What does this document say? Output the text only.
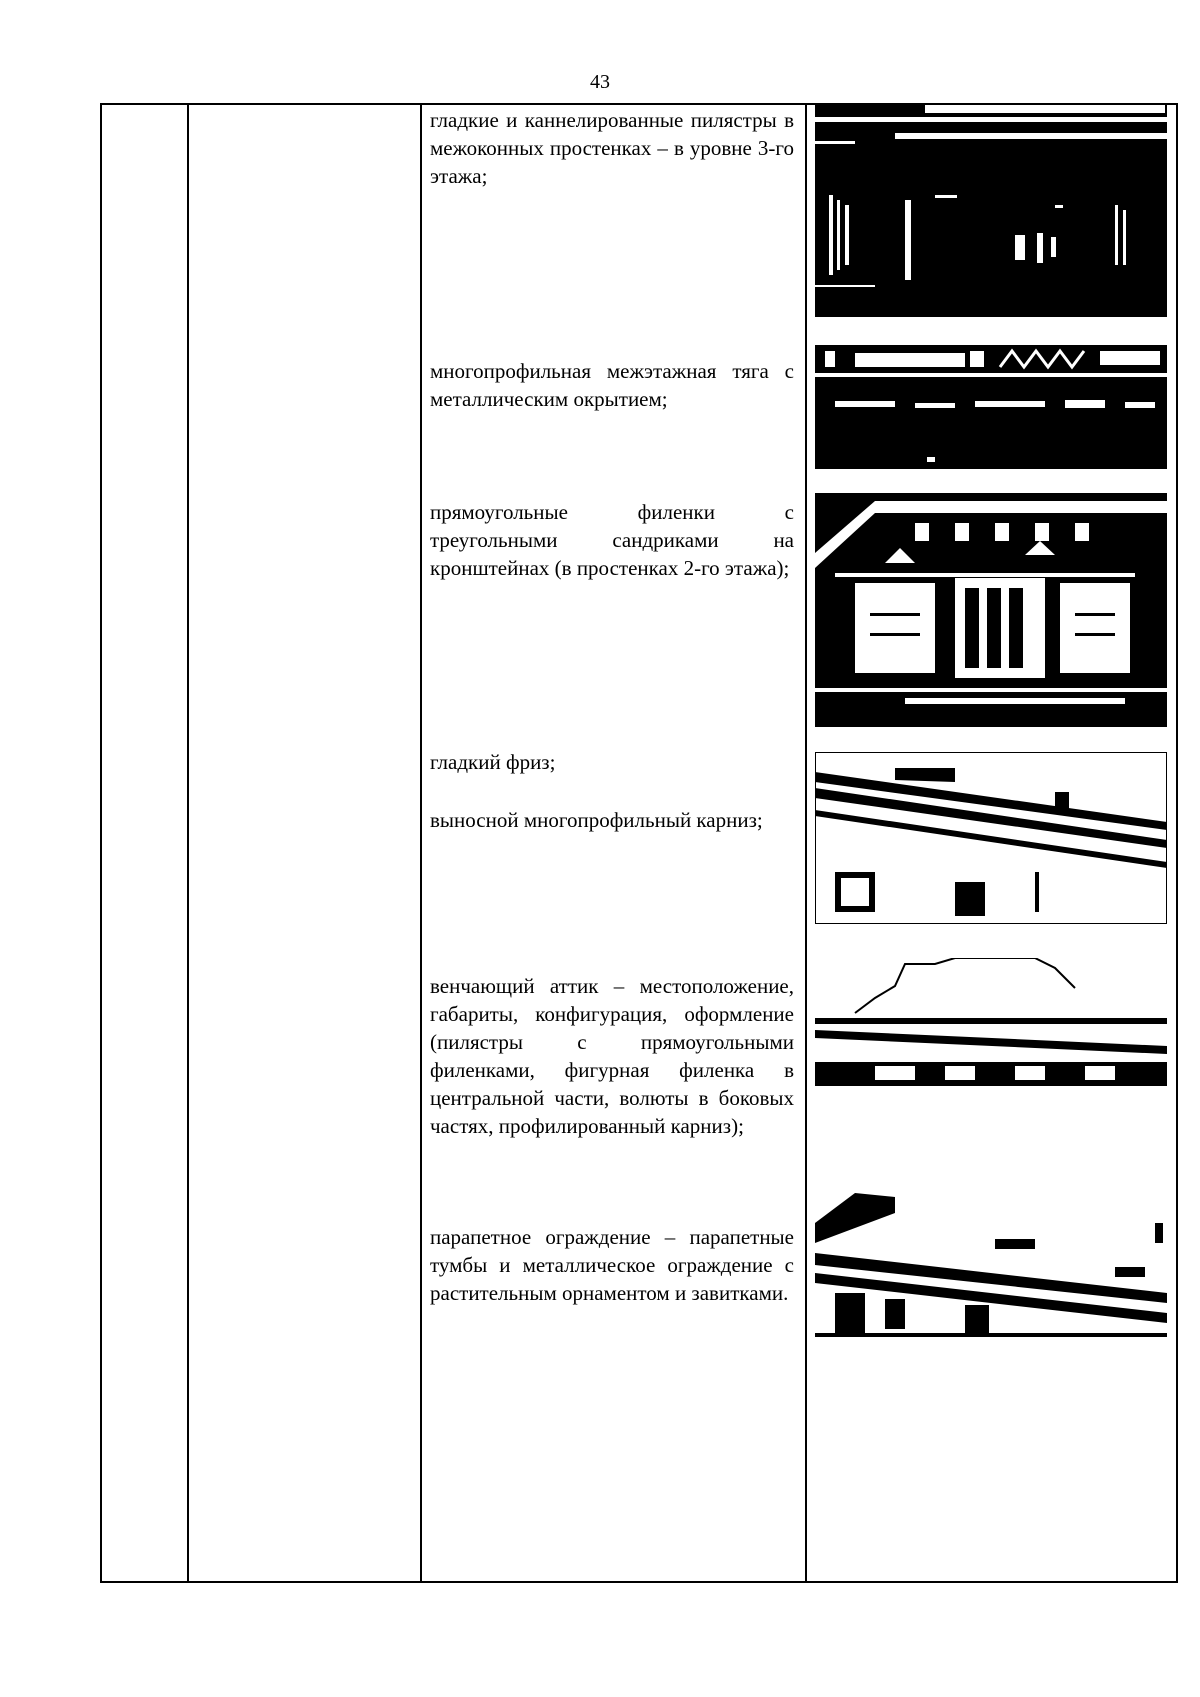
43
гладкие и каннелированные пилястры в межоконных простенках – в уровне 3-го этажа;
многопрофильная межэтажная тяга с металлическим окрытием;
прямоугольные филенки с треугольными сандриками на кронштейнах (в простенках 2-го этажа);
гладкий фриз;
выносной многопрофильный карниз;
венчающий аттик – местоположение, габариты, конфигурация, оформление (пилястры с прямоугольными филенками, фигурная филенка в центральной части, волюты в боковых частях, профилированный карниз);
парапетное ограждение – парапетные тумбы и металлическое ограждение с растительным орнаментом и завитками.
